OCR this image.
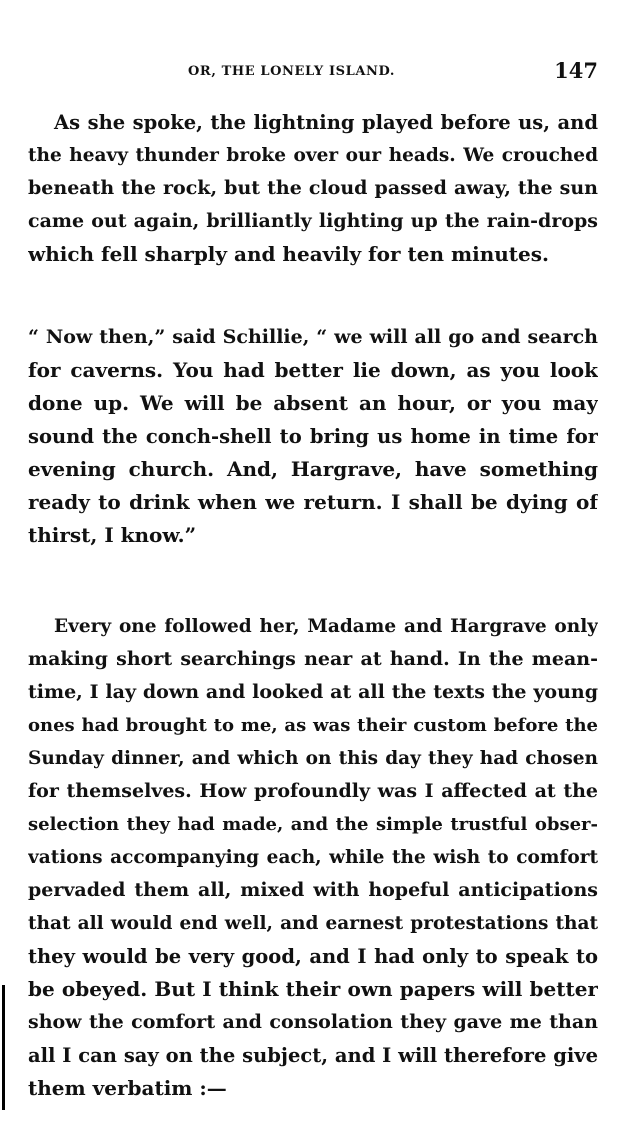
OR, THE LONELY ISLAND.	147
As she spoke, the lightning played before us, and
the heavy thunder broke over our heads. We crouched
beneath the rock, but the cloud passed away, the sun
came out again, brilliantly lighting up the rain-drops
which fell sharply and heavily for ten minutes.
“ Now then,” said Schillie, “ we will all go and search
for caverns. You had better lie down, as you look
done up. We will be absent an hour, or you may
sound the conch-shell to bring us home in time for
evening church. And, Hargrave, have something
ready to drink when we return. I shall be dying of
thirst, I know.”
Every one followed her, Madame and Hargrave only
making short searchings near at hand. In the mean-
time, I lay down and looked at all the texts the young
ones had brought to me, as was their custom before the
Sunday dinner, and which on this day they had chosen
for themselves. How profoundly was I affected at the
selection they had made, and the simple trustful obser-
vations accompanying each, while the wish to comfort
pervaded them all, mixed with hopeful anticipations
that all would end well, and earnest protestations that
they would be very good, and I had only to speak to
be obeyed. But I think their own papers will better
show the comfort and consolation they gave me than
all I can say on the subject, and I will therefore give
them verbatim :—
